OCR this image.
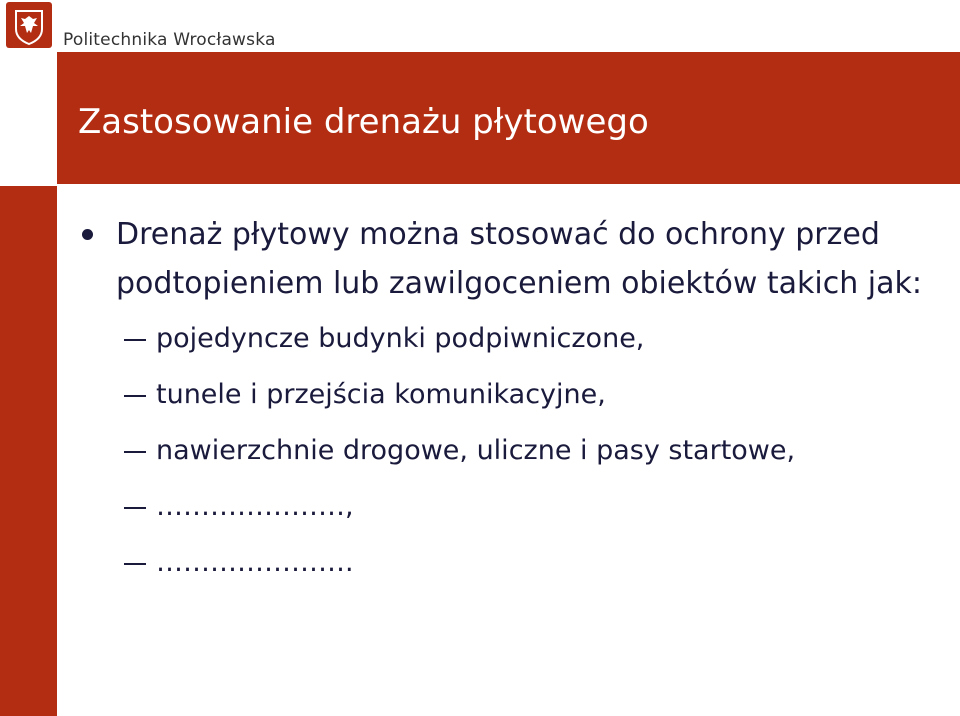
Politechnika Wrocławska
Zastosowanie drenażu płytowego
Drenaż płytowy można stosować do ochrony przed podtopieniem lub zawilgoceniem obiektów takich jak:
pojedyncze budynki podpiwniczone,
tunele i przejścia komunikacyjne,
nawierzchnie drogowe, uliczne i pasy startowe,
…………………,
………………….
